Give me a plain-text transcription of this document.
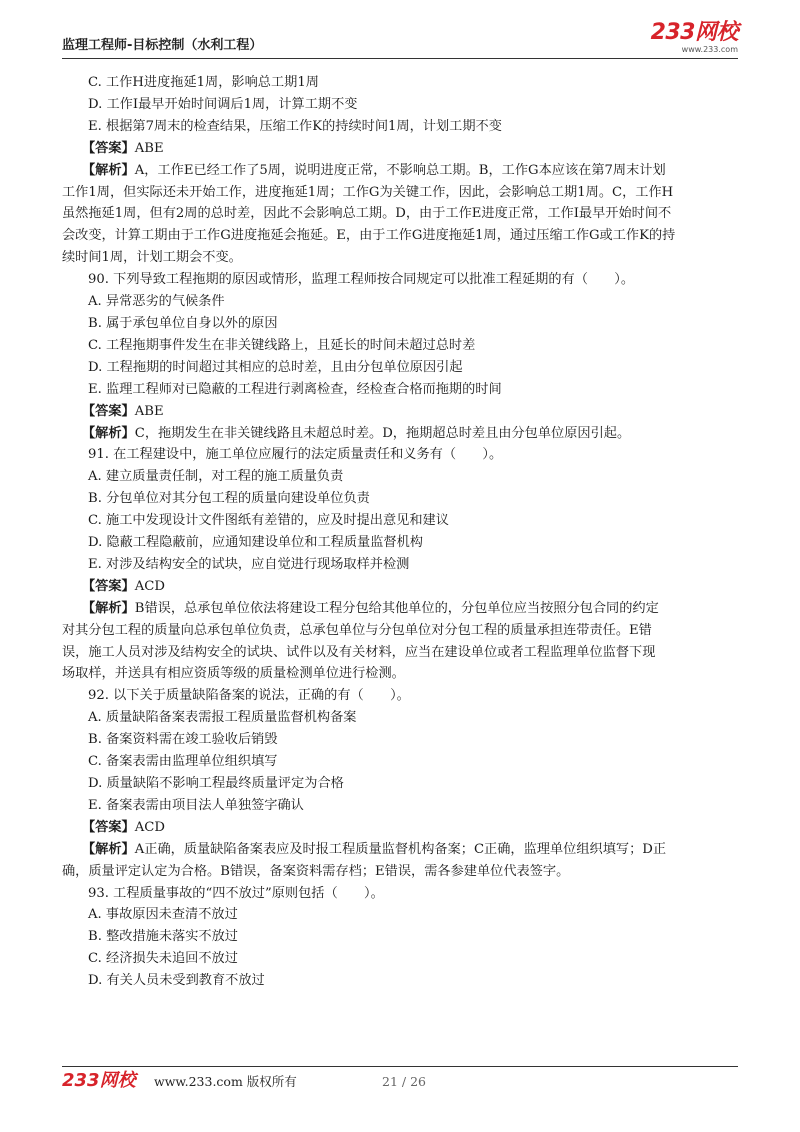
监理工程师-目标控制（水利工程）
233网校
www.233.com
C. 工作H进度拖延1周，影响总工期1周
D. 工作I最早开始时间调后1周，计算工期不变
E. 根据第7周末的检查结果，压缩工作K的持续时间1周，计划工期不变
【答案】ABE
【解析】A，工作E已经工作了5周，说明进度正常，不影响总工期。B，工作G本应该在第7周末计划
工作1周，但实际还未开始工作，进度拖延1周；工作G为关键工作，因此，会影响总工期1周。C，工作H
虽然拖延1周，但有2周的总时差，因此不会影响总工期。D，由于工作E进度正常，工作I最早开始时间不
会改变，计算工期由于工作G进度拖延会拖延。E，由于工作G进度拖延1周，通过压缩工作G或工作K的持
续时间1周，计划工期会不变。
90. 下列导致工程拖期的原因或情形，监理工程师按合同规定可以批准工程延期的有（　　）。
A. 异常恶劣的气候条件
B. 属于承包单位自身以外的原因
C. 工程拖期事件发生在非关键线路上，且延长的时间未超过总时差
D. 工程拖期的时间超过其相应的总时差，且由分包单位原因引起
E. 监理工程师对已隐蔽的工程进行剥离检查，经检查合格而拖期的时间
【答案】ABE
【解析】C，拖期发生在非关键线路且未超总时差。D，拖期超总时差且由分包单位原因引起。
91. 在工程建设中，施工单位应履行的法定质量责任和义务有（　　）。
A. 建立质量责任制，对工程的施工质量负责
B. 分包单位对其分包工程的质量向建设单位负责
C. 施工中发现设计文件图纸有差错的，应及时提出意见和建议
D. 隐蔽工程隐蔽前，应通知建设单位和工程质量监督机构
E. 对涉及结构安全的试块，应自觉进行现场取样并检测
【答案】ACD
【解析】B错误，总承包单位依法将建设工程分包给其他单位的，分包单位应当按照分包合同的约定
对其分包工程的质量向总承包单位负责，总承包单位与分包单位对分包工程的质量承担连带责任。E错
误，施工人员对涉及结构安全的试块、试件以及有关材料，应当在建设单位或者工程监理单位监督下现
场取样，并送具有相应资质等级的质量检测单位进行检测。
92. 以下关于质量缺陷备案的说法，正确的有（　　）。
A. 质量缺陷备案表需报工程质量监督机构备案
B. 备案资料需在竣工验收后销毁
C. 备案表需由监理单位组织填写
D. 质量缺陷不影响工程最终质量评定为合格
E. 备案表需由项目法人单独签字确认
【答案】ACD
【解析】A正确，质量缺陷备案表应及时报工程质量监督机构备案；C正确，监理单位组织填写；D正
确，质量评定认定为合格。B错误，备案资料需存档；E错误，需各参建单位代表签字。
93. 工程质量事故的“四不放过”原则包括（　　）。
A. 事故原因未查清不放过
B. 整改措施未落实不放过
C. 经济损失未追回不放过
D. 有关人员未受到教育不放过
233网校 www.233.com 版权所有	21 / 26
